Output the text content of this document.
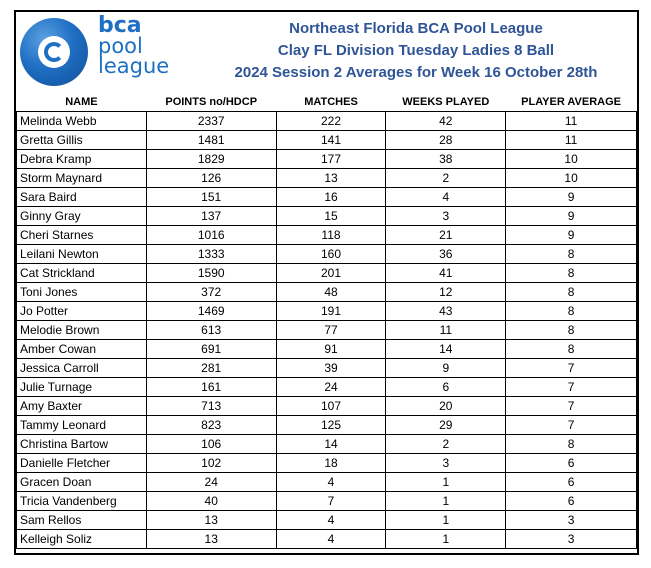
bca
pool
league
Northeast Florida BCA Pool League
Clay FL Division Tuesday Ladies 8 Ball
2024 Session 2 Averages for Week 16 October 28th
NAME	POINTS no/HDCP	MATCHES	WEEKS PLAYED	PLAYER AVERAGE
Melinda Webb	2337	222	42	11
Gretta Gillis	1481	141	28	11
Debra Kramp	1829	177	38	10
Storm Maynard	126	13	2	10
Sara Baird	151	16	4	9
Ginny Gray	137	15	3	9
Cheri Starnes	1016	118	21	9
Leilani Newton	1333	160	36	8
Cat Strickland	1590	201	41	8
Toni Jones	372	48	12	8
Jo Potter	1469	191	43	8
Melodie Brown	613	77	11	8
Amber Cowan	691	91	14	8
Jessica Carroll	281	39	9	7
Julie Turnage	161	24	6	7
Amy Baxter	713	107	20	7
Tammy Leonard	823	125	29	7
Christina Bartow	106	14	2	8
Danielle Fletcher	102	18	3	6
Gracen Doan	24	4	1	6
Tricia Vandenberg	40	7	1	6
Sam Rellos	13	4	1	3
Kelleigh Soliz	13	4	1	3
